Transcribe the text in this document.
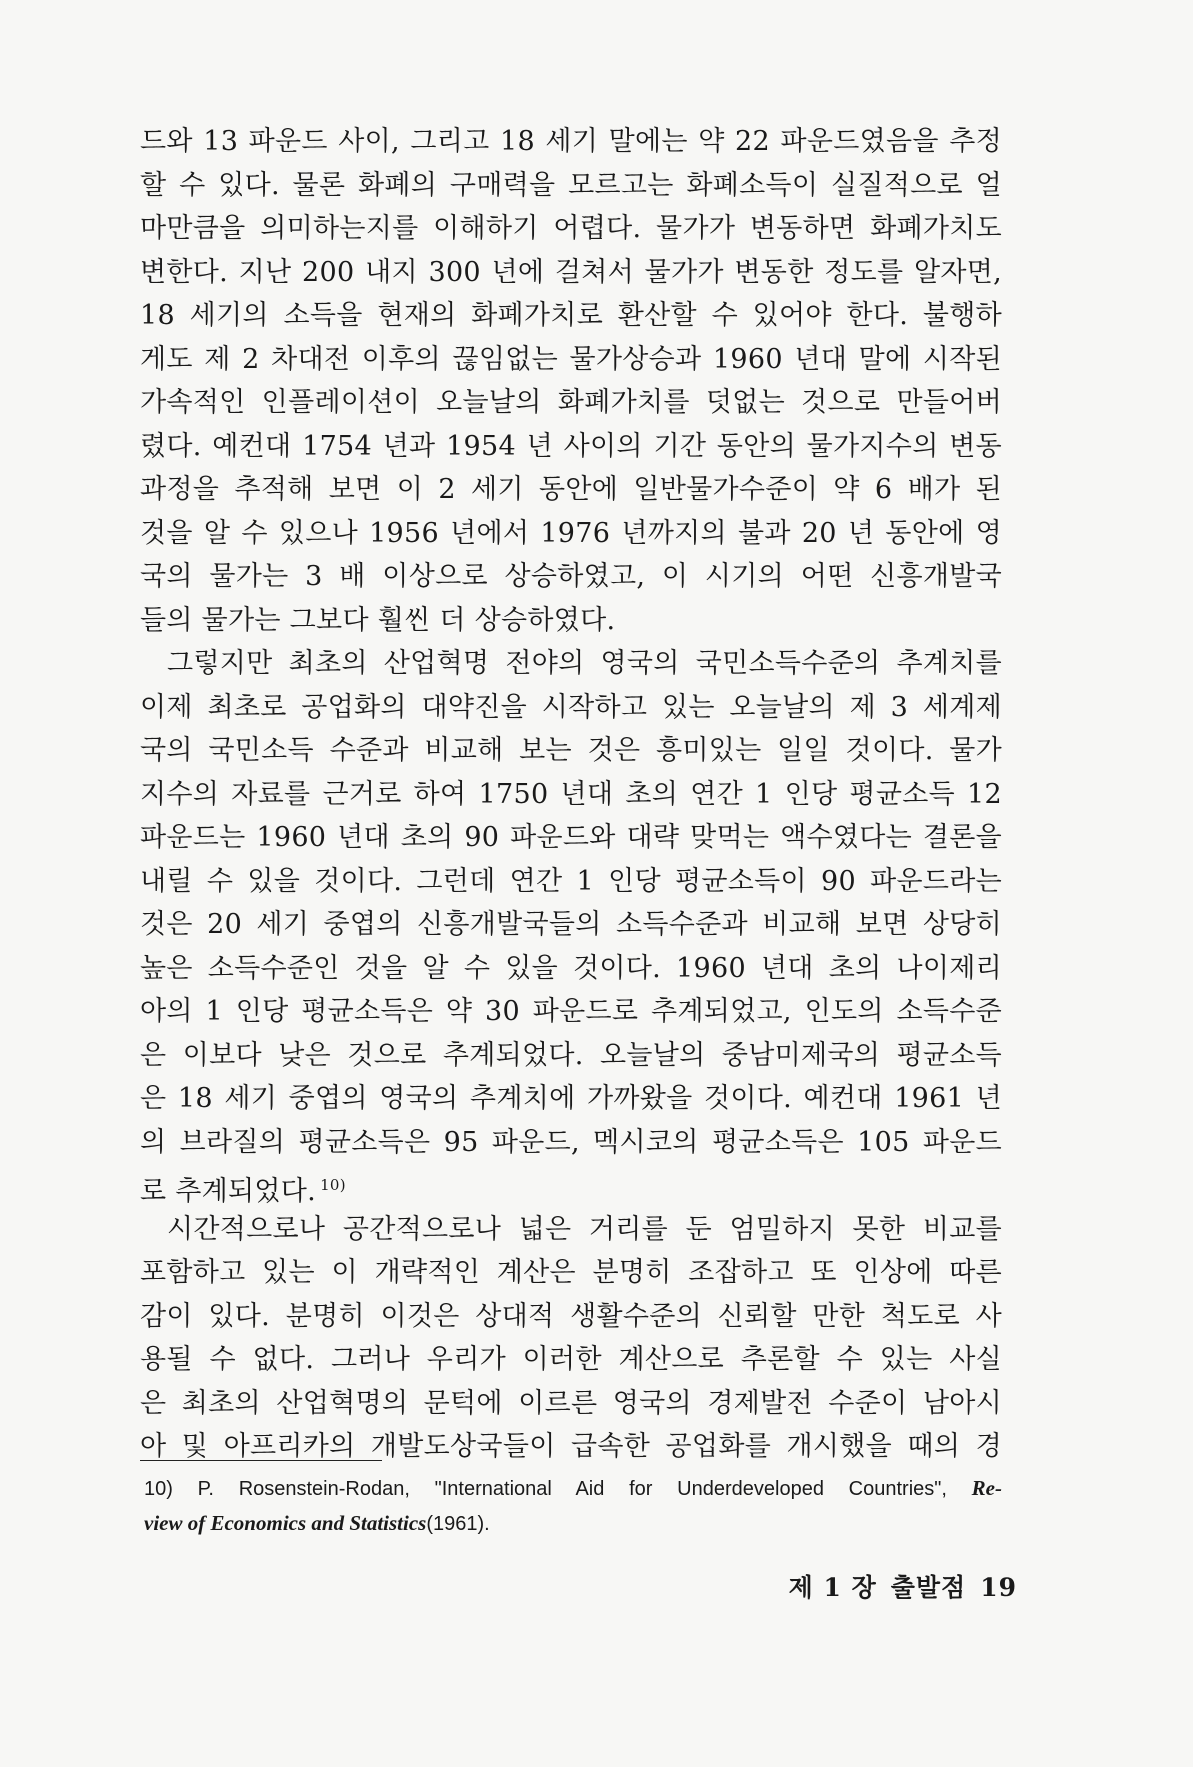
드와 13 파운드 사이, 그리고 18 세기 말에는 약 22 파운드였음을 추정
할 수 있다. 물론 화폐의 구매력을 모르고는 화폐소득이 실질적으로 얼
마만큼을 의미하는지를 이해하기 어렵다. 물가가 변동하면 화폐가치도
변한다. 지난 200 내지 300 년에 걸쳐서 물가가 변동한 정도를 알자면,
18 세기의 소득을 현재의 화폐가치로 환산할 수 있어야 한다. 불행하
게도 제 2 차대전 이후의 끊임없는 물가상승과 1960 년대 말에 시작된
가속적인 인플레이션이 오늘날의 화폐가치를 덧없는 것으로 만들어버
렸다. 예컨대 1754 년과 1954 년 사이의 기간 동안의 물가지수의 변동
과정을 추적해 보면 이 2 세기 동안에 일반물가수준이 약 6 배가 된
것을 알 수 있으나 1956 년에서 1976 년까지의 불과 20 년 동안에 영
국의 물가는 3 배 이상으로 상승하였고, 이 시기의 어떤 신흥개발국
들의 물가는 그보다 훨씬 더 상승하였다.
그렇지만 최초의 산업혁명 전야의 영국의 국민소득수준의 추계치를
이제 최초로 공업화의 대약진을 시작하고 있는 오늘날의 제 3 세계제
국의 국민소득 수준과 비교해 보는 것은 흥미있는 일일 것이다. 물가
지수의 자료를 근거로 하여 1750 년대 초의 연간 1 인당 평균소득 12
파운드는 1960 년대 초의 90 파운드와 대략 맞먹는 액수였다는 결론을
내릴 수 있을 것이다. 그런데 연간 1 인당 평균소득이 90 파운드라는
것은 20 세기 중엽의 신흥개발국들의 소득수준과 비교해 보면 상당히
높은 소득수준인 것을 알 수 있을 것이다. 1960 년대 초의 나이제리
아의 1 인당 평균소득은 약 30 파운드로 추계되었고, 인도의 소득수준
은 이보다 낮은 것으로 추계되었다. 오늘날의 중남미제국의 평균소득
은 18 세기 중엽의 영국의 추계치에 가까왔을 것이다. 예컨대 1961 년
의 브라질의 평균소득은 95 파운드, 멕시코의 평균소득은 105 파운드
로 추계되었다. $^{10)}$
시간적으로나 공간적으로나 넓은 거리를 둔 엄밀하지 못한 비교를
포함하고 있는 이 개략적인 계산은 분명히 조잡하고 또 인상에 따른
감이 있다. 분명히 이것은 상대적 생활수준의 신뢰할 만한 척도로 사
용될 수 없다. 그러나 우리가 이러한 계산으로 추론할 수 있는 사실
은 최초의 산업혁명의 문턱에 이르른 영국의 경제발전 수준이 남아시
아 및 아프리카의 개발도상국들이 급속한 공업화를 개시했을 때의 경
10) P. Rosenstein-Rodan, "International Aid for Underdeveloped Countries", Re-
view of Economics and Statistics(1961).
제 1 장 출발점 19
